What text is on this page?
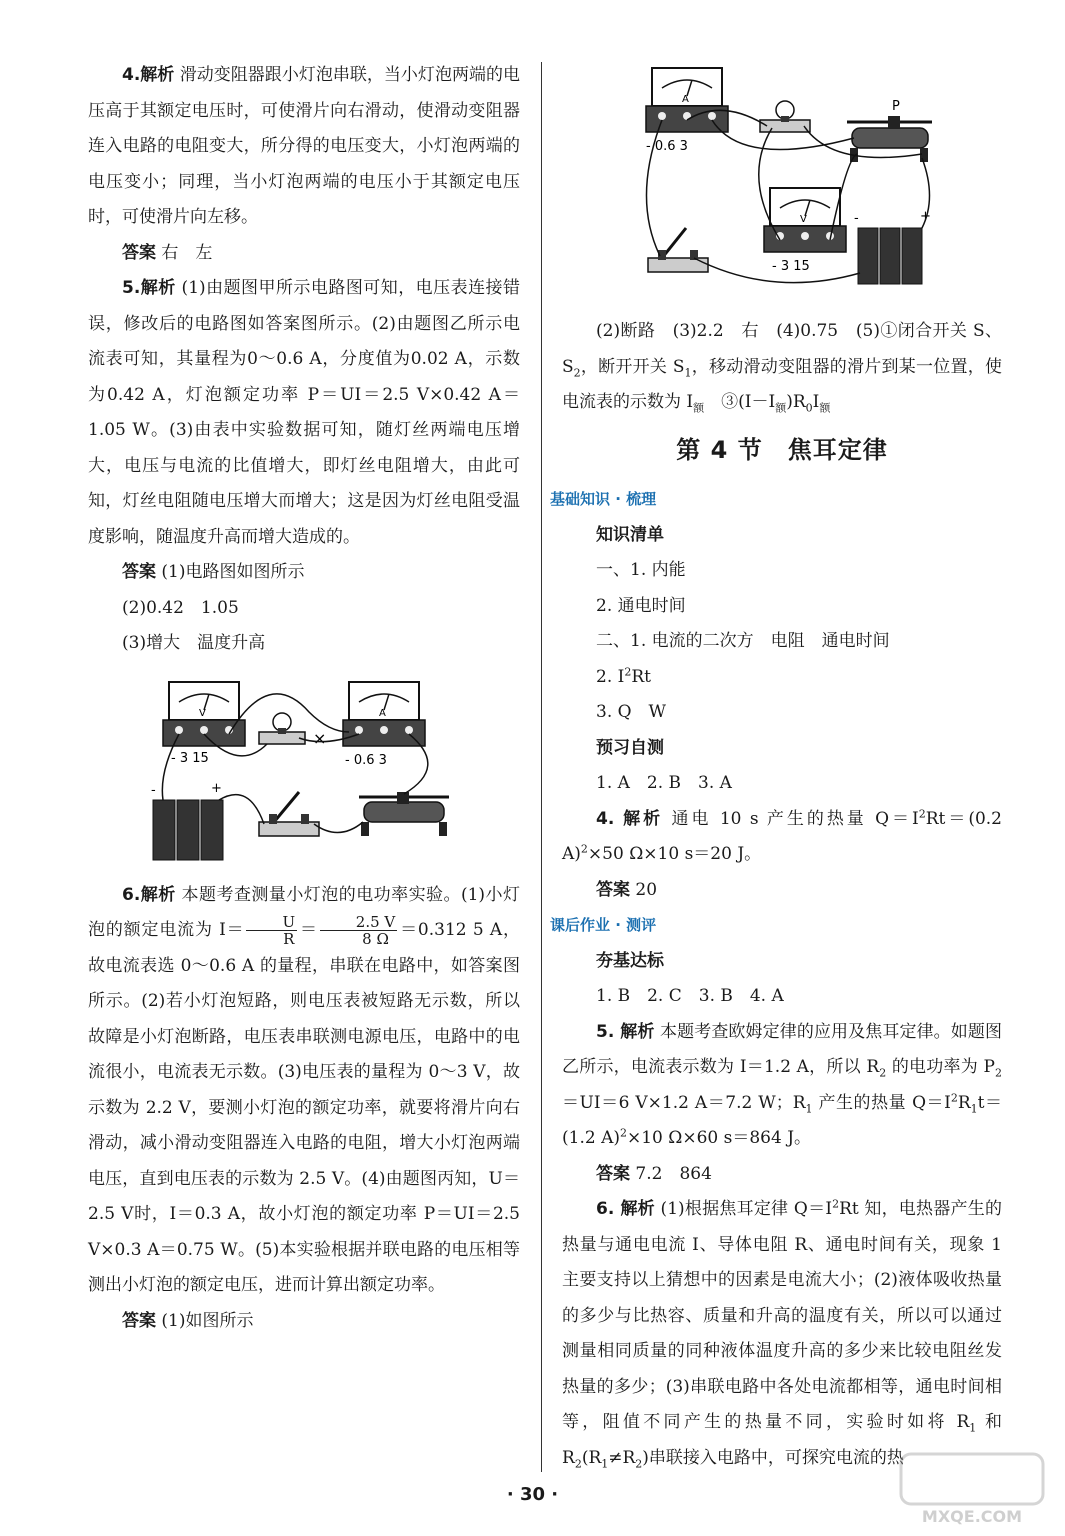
4.解析 滑动变阻器跟小灯泡串联，当小灯泡两端的电压高于其额定电压时，可使滑片向右滑动，使滑动变阻器连入电路的电阻变大，所分得的电压变大，小灯泡两端的电压变小；同理，当小灯泡两端的电压小于其额定电压时，可使滑片向左移。

答案 右　左

5.解析 (1)由题图甲所示电路图可知，电压表连接错误，修改后的电路图如答案图所示。(2)由题图乙所示电流表可知，其量程为0～0.6 A，分度值为0.02 A，示数为0.42 A，灯泡额定功率 P＝UI＝2.5 V×0.42 A＝1.05 W。(3)由表中实验数据可知，随灯丝两端电压增大，电压与电流的比值增大，即灯丝电阻增大，由此可知，灯丝电阻随电压增大而增大；这是因为灯丝电阻受温度影响，随温度升高而增大造成的。

答案 (1)电路图如图所示

(2)0.42　1.05

(3)增大　温度升高

V
- 3 15
×
A
- 0.6 3
-	+

6.解析 本题考查测量小灯泡的电功率实验。(1)小灯泡的额定电流为 $I= \frac{U}{R} = \frac{2.5 V}{8 \Omega} =0.312$ 5 A，故电流表选 0～0.6 A 的量程，串联在电路中，如答案图所示。(2)若小灯泡短路，则电压表被短路无示数，所以故障是小灯泡断路，电压表串联测电源电压，电路中的电流很小，电流表无示数。(3)电压表的量程为 0～3 V，故示数为 2.2 V，要测小灯泡的额定功率，就要将滑片向右滑动，减小滑动变阻器连入电路的电阻，增大小灯泡两端电压，直到电压表的示数为 2.5 V。(4)由题图丙知，U＝2.5 V时，I＝0.3 A，故小灯泡的额定功率 P＝UI＝2.5 V×0.3 A＝0.75 W。(5)本实验根据并联电路的电压相等测出小灯泡的额定电压，进而计算出额定功率。

答案 (1)如图所示

A
- 0.6 3
P
V
- 3 15
-	+

(2)断路　(3)2.2　右　(4)0.75　(5)①闭合开关 S、$S_2$，断开开关 $S_1$，移动滑动变阻器的滑片到某一位置，使电流表的示数为 $I_额$　$③(I-I_额)R_0I_额$

第 4 节　焦耳定律

基础知识 · 梳理

知识清单

一、1. 内能

2. 通电时间

二、1. 电流的二次方　电阻　通电时间

2. $I^2Rt$

3. Q　W

预习自测

1. A　2. B　3. A

4. 解析 通电 10 s 产生的热量 $Q=I^2Rt=(0.2$ A)$^2$×50 Ω×10 s＝20 J。

答案 20

课后作业 · 测评

夯基达标

1. B　2. C　3. B　4. A

5. 解析 本题考查欧姆定律的应用及焦耳定律。如题图乙所示，电流表示数为 I＝1.2 A，所以 $R_2$ 的电功率为 $P_2=UI=6$ V×1.2 A＝7.2 W；$R_1$ 产生的热量 $Q=I^2R_1t=(1.2$ A)$^2$×10 Ω×60 s＝864 J。

答案 7.2　864

6. 解析 (1)根据焦耳定律 $Q=I^2Rt$ 知，电热器产生的热量与通电电流 I、导体电阻 R、通电时间有关，现象 1 主要支持以上猜想中的因素是电流大小；(2)液体吸收热量的多少与比热容、质量和升高的温度有关，所以可以通过测量相同质量的同种液体温度升高的多少来比较电阻丝发热量的多少；(3)串联电路中各处电流都相等，通电时间相等，阻值不同产生的热量不同，实验时如将 $R_1$ 和 $R_2(R_1\ne R_2)$串联接入电路中，可探究电流的热

· 30 ·
MXQE.COM
